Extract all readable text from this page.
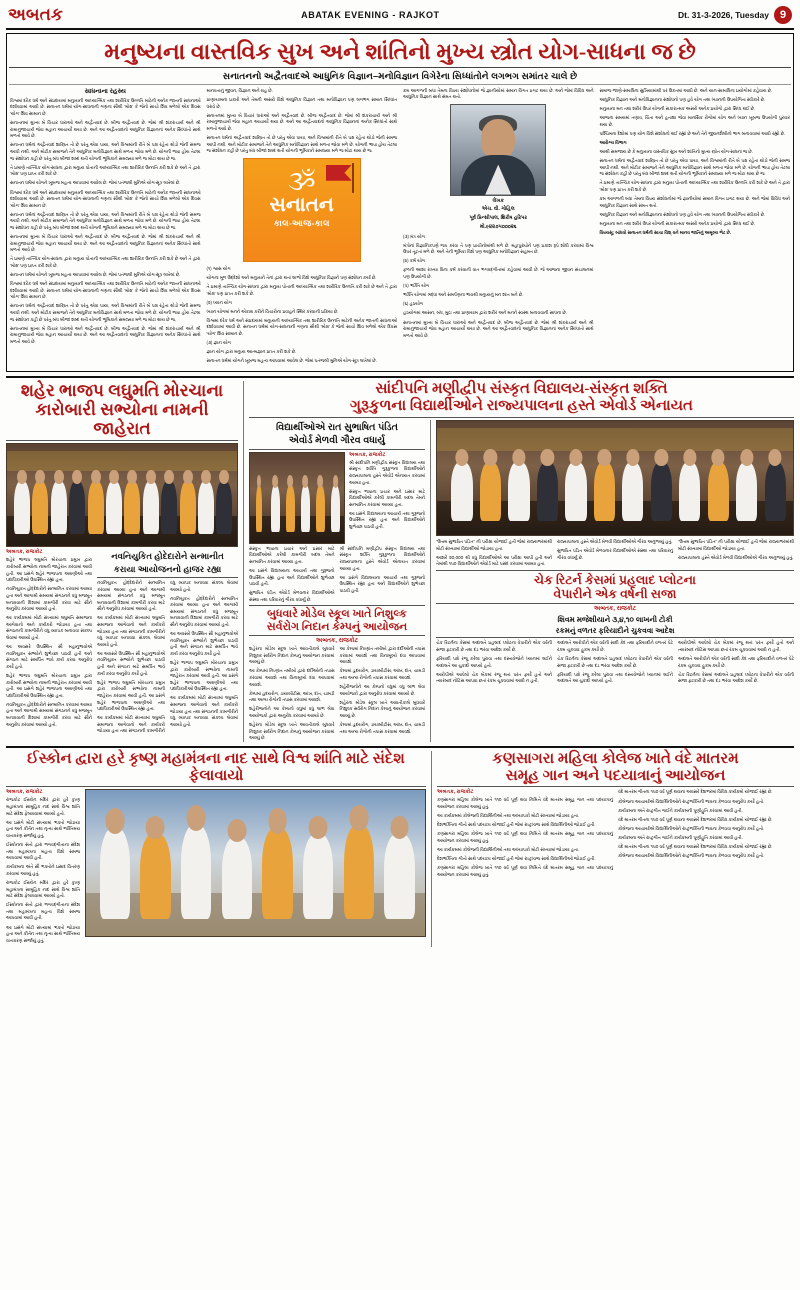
અબતક	ABATAK EVENING - RAJKOT	Dt. 31-3-2026, Tuesday 9
મનુષ્યના વાસ્તવિક સુખ અને શાંતિનો મુખ્ય સ્ત્રોત યોગ-સાધના જ છે
સનાતનનો અદ્વૈતવાદએ આધુનિક વિજ્ઞાન–મનોવિજ્ઞાન વિગેરેના સિધ્ધાંતોને લગભગ સમાંતર ચાલે છે
સાધનાના રહસ્ય

વિશ્વમાં દરેક ધર્મ અને સંપ્રદાયમાં મનુષ્યની આધ્યાત્મિક તથા શારીરિક ઉન્નતિ માટેની અનેક જાતની સાધનાઓ દર્શાવવામાં આવી છે. સનાતન ધર્મમાં યોગ-સાધનાની ગણના સૌથી 'મોક્ષ' કે જેનો સાચો શિવ મળેલો એક દિવસ 'યોગ' શિવ સામાન છે.

સનાતનમાં મુખ્ય બે વિચાર ધારાઓ અને અદ્વૈતવાદ છે. બીજ અદ્વૈતવાદ છે. જેમાં શ્રી શંકરાચાર્ય અને શ્રી રામાનુજાચાર્ય જેવા મહાન આચાર્યો થયા છે. અને આ અદ્વૈતવાદનો આધુનિક વિજ્ઞાનનાં અનેક સિધ્ધાંતો સાથે મળતો આવે છે.

સનાતન ધર્મનાં અદ્વૈતવાદ શાસ્ત્રિત તો છે પરંતુ એવા પાયા, અને વિશ્વમાંની રીતે બે પક્ષ રહેતા થોડો જેની સમજ આપી નથી. અને મોટીક સમાજને તેને આધુનિક મનોવિજ્ઞાન સાથે મળતા જોવા મળે છે. યોગની ભાષા હોય તેટલા જ સંશોધન કહી છે પરંતુ બંધ બીજાં શબ્દ થતી યોગની ભૂમિકાને સમજ્યા મળે જ મોટા થાય છે જ.

તે પ્રમાણે તાત્ત્વિક યોગ-સાધના દ્વારા મનુષ્ય પોતાની આધ્યાત્મિક તથા શારીરિક ઉન્નતિ કરી શકે છે અને તે દ્વારા 'મોક્ષ' પણ પ્રાપ્ત કરી શકે છે.

સનાતન ધર્મમાં યોગને ખૂબજ મહત્વ આપવામાં આવેલ છે. જેમાં પતંજલી મુનિએ યોગ-સૂત્ર લખેલાં છે.

વિશ્વમાં દરેક ધર્મ અને સંપ્રદાયમાં મનુષ્યની આધ્યાત્મિક તથા શારીરિક ઉન્નતિ માટેની અનેક જાતની સાધનાઓ દર્શાવવામાં આવી છે. સનાતન ધર્મમાં યોગ-સાધનાની ગણના સૌથી 'મોક્ષ' કે જેનો સાચો શિવ મળેલો એક દિવસ 'યોગ' શિવ સામાન છે.

સનાતન ધર્મનાં અદ્વૈતવાદ શાસ્ત્રિત તો છે પરંતુ એવા પાયા, અને વિશ્વમાંની રીતે બે પક્ષ રહેતા થોડો જેની સમજ આપી નથી. અને મોટીક સમાજને તેને આધુનિક મનોવિજ્ઞાન સાથે મળતા જોવા મળે છે. યોગની ભાષા હોય તેટલા જ સંશોધન કહી છે પરંતુ બંધ બીજાં શબ્દ થતી યોગની ભૂમિકાને સમજ્યા મળે જ મોટા થાય છે જ.

સનાતનમાં મુખ્ય બે વિચાર ધારાઓ અને અદ્વૈતવાદ છે. બીજ અદ્વૈતવાદ છે. જેમાં શ્રી શંકરાચાર્ય અને શ્રી રામાનુજાચાર્ય જેવા મહાન આચાર્યો થયા છે. અને આ અદ્વૈતવાદનો આધુનિક વિજ્ઞાનનાં અનેક સિધ્ધાંતો સાથે મળતો આવે છે.

તે પ્રમાણે તાત્ત્વિક યોગ-સાધના દ્વારા મનુષ્ય પોતાની આધ્યાત્મિક તથા શારીરિક ઉન્નતિ કરી શકે છે અને તે દ્વારા 'મોક્ષ' પણ પ્રાપ્ત કરી શકે છે.

સનાતન ધર્મમાં યોગને ખૂબજ મહત્વ આપવામાં આવેલ છે. જેમાં પતંજલી મુનિએ યોગ-સૂત્ર લખેલાં છે.

વિશ્વમાં દરેક ધર્મ અને સંપ્રદાયમાં મનુષ્યની આધ્યાત્મિક તથા શારીરિક ઉન્નતિ માટેની અનેક જાતની સાધનાઓ દર્શાવવામાં આવી છે. સનાતન ધર્મમાં યોગ-સાધનાની ગણના સૌથી 'મોક્ષ' કે જેનો સાચો શિવ મળેલો એક દિવસ 'યોગ' શિવ સામાન છે.

સનાતન ધર્મનાં અદ્વૈતવાદ શાસ્ત્રિત તો છે પરંતુ એવા પાયા, અને વિશ્વમાંની રીતે બે પક્ષ રહેતા થોડો જેની સમજ આપી નથી. અને મોટીક સમાજને તેને આધુનિક મનોવિજ્ઞાન સાથે મળતા જોવા મળે છે. યોગની ભાષા હોય તેટલા જ સંશોધન કહી છે પરંતુ બંધ બીજાં શબ્દ થતી યોગની ભૂમિકાને સમજ્યા મળે જ મોટા થાય છે જ.

સનાતનમાં મુખ્ય બે વિચાર ધારાઓ અને અદ્વૈતવાદ છે. બીજ અદ્વૈતવાદ છે. જેમાં શ્રી શંકરાચાર્ય અને શ્રી રામાનુજાચાર્ય જેવા મહાન આચાર્યો થયા છે. અને આ અદ્વૈતવાદનો આધુનિક વિજ્ઞાનનાં અનેક સિધ્ધાંતો સાથે મળતો આવે છે.

માનવતાનું જીવન, વિજ્ઞાન અને ગ્રહ છે.

પ્રાણાયામના પ્રકારો અને તેમની અસરો વિશે આધુનિક વિજ્ઞાન તથા મનોવિજ્ઞાન પણ લગભગ સમાન સિધ્ધાંત ધરાવે છે.

સનાતનમાં મુખ્ય બે વિચાર ધારાઓ અને અદ્વૈતવાદ છે. બીજ અદ્વૈતવાદ છે. જેમાં શ્રી શંકરાચાર્ય અને શ્રી રામાનુજાચાર્ય જેવા મહાન આચાર્યો થયા છે. અને આ અદ્વૈતવાદનો આધુનિક વિજ્ઞાનનાં અનેક સિધ્ધાંતો સાથે મળતો આવે છે.

સનાતન ધર્મનાં અદ્વૈતવાદ શાસ્ત્રિત તો છે પરંતુ એવા પાયા, અને વિશ્વમાંની રીતે બે પક્ષ રહેતા થોડો જેની સમજ આપી નથી. અને મોટીક સમાજને તેને આધુનિક મનોવિજ્ઞાન સાથે મળતા જોવા મળે છે. યોગની ભાષા હોય તેટલા જ સંશોધન કહી છે પરંતુ બંધ બીજાં શબ્દ થતી યોગની ભૂમિકાને સમજ્યા મળે જ મોટા થાય છે જ.

ૐ
સનાતન
કાલ-આજ-કાલ

(૧) શ્વાસ યોગ

યોગના મૂળ ઉદ્દેશો અને મનુષ્યને તેનાં દ્વારા થતાં લાભો વિશે આધુનિક વિજ્ઞાને પણ સંશોધન કર્યાં છે.

તે પ્રમાણે તાત્ત્વિક યોગ-સાધના દ્વારા મનુષ્ય પોતાની આધ્યાત્મિક તથા શારીરિક ઉન્નતિ કરી શકે છે અને તે દ્વારા 'મોક્ષ' પણ પ્રાપ્ત કરી શકે છે.

(૨) ધ્યાન યોગ

ધ્યાન યોગમાં મનને એકાગ્ર કરીને વિચારોના પ્રવાહને સ્થિર કરવાની પ્રક્રિયા છે.

વિશ્વમાં દરેક ધર્મ અને સંપ્રદાયમાં મનુષ્યની આધ્યાત્મિક તથા શારીરિક ઉન્નતિ માટેની અનેક જાતની સાધનાઓ દર્શાવવામાં આવી છે. સનાતન ધર્મમાં યોગ-સાધનાની ગણના સૌથી 'મોક્ષ' કે જેનો સાચો શિવ મળેલો એક દિવસ 'યોગ' શિવ સામાન છે.

(૩) જ્ઞાન યોગ

જ્ઞાન યોગ દ્વારા મનુષ્ય આત્મજ્ઞાન પ્રાપ્ત કરી શકે છે.

સનાતન ધર્મમાં યોગને ખૂબજ મહત્વ આપવામાં આવેલ છે. જેમાં પતંજલી મુનિએ યોગ-સૂત્ર લખેલાં છે.

ક્રમ આગળની બધા તેમના વિષય સંશોધનોમાં જે જ્ઞાનીયોમાં સમાન વિગત પ્રગટ થયા છે. અને જેમાં વિવિધ અને આધુનિક વિજ્ઞાન સાથે સંમત થતો.

લેખક
એચ. વી. ગોહિલ
પૂર્વ પ્રિન્સીપાલ, શિરીષ હરિપર
મો.૯૪૨૭૫૦૦૦૨૬

(૩) મંત્ર યોગ

મંત્રોનાં વિજ્ઞાનિકપણે જપ કરવા તે પણ પ્રાચીનોમાંથી મળે છે. મહાપુરુષોને પણ પ્રકાશ રૂપે શોધી કરવામાં વિશ્વ ઉપર તૂટતાં મળે છે. અને તેની ભૂમિકા વિશે પણ આધુનિક મનોવિજ્ઞાન સહમત છે.

(૪) કર્મ યોગ

ફળની આશા રાખ્યા વિના કર્મ કરવાની વાત ભગવદ્‌ગીતામાં કહેવામાં આવી છે. જે આજના જીવન સંચાલનમાં પણ ઉપયોગી છે.

(૫) ભક્તિ યોગ

ભક્તિ યોગમાં શ્રદ્ધા અને સમર્પણના ભાવથી મનુષ્યનું મન શાંત બને છે.

(૬) હઠયોગ

હઠયોગમાં આસન, બંધ, મુદ્રા તથા પ્રાણાયામ દ્વારા શરીર અને મનને સ્વસ્થ બનાવવાની સાધના છે.

સનાતનમાં મુખ્ય બે વિચાર ધારાઓ અને અદ્વૈતવાદ છે. બીજ અદ્વૈતવાદ છે. જેમાં શ્રી શંકરાચાર્ય અને શ્રી રામાનુજાચાર્ય જેવા મહાન આચાર્યો થયા છે. અને આ અદ્વૈતવાદનો આધુનિક વિજ્ઞાનનાં અનેક સિધ્ધાંતો સાથે મળતો આવે છે.

સમાજ જાણે-સમાધિના સુખિયામાંથી પર ઉકતમાં આવી છે. અને યાન-સામાધિના પ્રયોગોમાં કહેવાય છે.

આધુનિક વિજ્ઞાન અને મનોવિજ્ઞાનના સંશોધનો પણ હવે યોગ તથા ધ્યાનની ઉપયોગિતા સ્વીકારે છે.

મનુષ્યના મન તથા શરીર ઉપર યોગની સકારાત્મક અસરો અનેક પ્રયોગો દ્વારા સિધ્ધ થઈ છે.

આજના સમયમાં તણાવ, ચિંતા અને હતાશા જેવા માનસિક રોગોમાં યોગ અને ધ્યાન ખૂબજ ઉપયોગી પુરવાર થયા છે.

પશ્ચિમના દેશોમાં પણ યોગ વિશે સંશોધનો થઈ રહ્યાં છે અને તેને જીવનશૈલીનો ભાગ બનાવવામાં આવી રહ્યો છે.

આરોગ્ય વિભાગ

આથી સમજાય છે કે મનુષ્યના વાસ્તવિક સુખ અને શાંતિનો મુખ્ય સ્ત્રોત યોગ-સાધના જ છે.

સનાતન ધર્મનાં અદ્વૈતવાદ શાસ્ત્રિત તો છે પરંતુ એવા પાયા, અને વિશ્વમાંની રીતે બે પક્ષ રહેતા થોડો જેની સમજ આપી નથી. અને મોટીક સમાજને તેને આધુનિક મનોવિજ્ઞાન સાથે મળતા જોવા મળે છે. યોગની ભાષા હોય તેટલા જ સંશોધન કહી છે પરંતુ બંધ બીજાં શબ્દ થતી યોગની ભૂમિકાને સમજ્યા મળે જ મોટા થાય છે જ.

તે પ્રમાણે તાત્ત્વિક યોગ-સાધના દ્વારા મનુષ્ય પોતાની આધ્યાત્મિક તથા શારીરિક ઉન્નતિ કરી શકે છે અને તે દ્વારા 'મોક્ષ' પણ પ્રાપ્ત કરી શકે છે.

ક્રમ આગળની બધા તેમના વિષય સંશોધનોમાં જે જ્ઞાનીયોમાં સમાન વિગત પ્રગટ થયા છે. અને જેમાં વિવિધ અને આધુનિક વિજ્ઞાન સાથે સંમત થતો.

આધુનિક વિજ્ઞાન અને મનોવિજ્ઞાનના સંશોધનો પણ હવે યોગ તથા ધ્યાનની ઉપયોગિતા સ્વીકારે છે.

મનુષ્યના મન તથા શરીર ઉપર યોગની સકારાત્મક અસરો અનેક પ્રયોગો દ્વારા સિધ્ધ થઈ છે.

વિષયસૂ: બાંધવો સનાતન ધર્મની સાચા વિશ્ વને માનવ જાતિનું અમૂલ્ય ભેટ છે.

શહેર ભાજપ લઘુમતિ મોરચાના
કારોબારી સભ્યોના નામની જાહેરાત
અબતક, રાજકોટ

શહેર ભાજપ લઘુમતિ મોરચાના પ્રમુખ દ્વારા કારોબારી સભ્યોના નામની જાહેરાત કરવામાં આવી હતી. આ પ્રસંગે શહેર ભાજપના અગ્રણીઓ તથા પદાધિકારીઓ ઉપસ્થિત રહ્યા હતા.

નવનિયુકત હોદ્દેદારોને સન્માનિત કરવામાં આવ્યા હતા અને આગામી સમયમાં સંગઠનને વધુ મજબૂત બનાવવાની દિશામાં કામગીરી કરવા માટે સૌને અનુરોધ કરવામાં આવ્યો હતો.

આ કાર્યક્રમમાં મોટી સંખ્યામાં લઘુમતિ સમાજના આગેવાનો અને કાર્યકરો જોડાયા હતા તથા સંગઠનની કામગીરીને વધુ વ્યાપક બનાવવા સંકલ્પ લેવામાં આવ્યો હતો.

આ અવસરે ઉપસ્થિત સૌ મહાનુભાવોએ નવનિયુક્ત સભ્યોને શુભેચ્છા પાઠવી હતી અને સંગઠન માટે સમર્પિત ભાવે કાર્ય કરવા અનુરોધ કર્યો હતો.

શહેર ભાજપ લઘુમતિ મોરચાના પ્રમુખ દ્વારા કારોબારી સભ્યોના નામની જાહેરાત કરવામાં આવી હતી. આ પ્રસંગે શહેર ભાજપના અગ્રણીઓ તથા પદાધિકારીઓ ઉપસ્થિત રહ્યા હતા.

નવનિયુકત હોદ્દેદારોને સન્માનિત કરવામાં આવ્યા હતા અને આગામી સમયમાં સંગઠનને વધુ મજબૂત બનાવવાની દિશામાં કામગીરી કરવા માટે સૌને અનુરોધ કરવામાં આવ્યો હતો.

નવનિયુકિત હોદેદારોને સન્માનીત
કરાયા આયોજનનો હાજર રહ્યા

નવનિયુકત હોદ્દેદારોને સન્માનિત કરવામાં આવ્યા હતા અને આગામી સમયમાં સંગઠનને વધુ મજબૂત બનાવવાની દિશામાં કામગીરી કરવા માટે સૌને અનુરોધ કરવામાં આવ્યો હતો.

આ કાર્યક્રમમાં મોટી સંખ્યામાં લઘુમતિ સમાજના આગેવાનો અને કાર્યકરો જોડાયા હતા તથા સંગઠનની કામગીરીને વધુ વ્યાપક બનાવવા સંકલ્પ લેવામાં આવ્યો હતો.

આ અવસરે ઉપસ્થિત સૌ મહાનુભાવોએ નવનિયુક્ત સભ્યોને શુભેચ્છા પાઠવી હતી અને સંગઠન માટે સમર્પિત ભાવે કાર્ય કરવા અનુરોધ કર્યો હતો.

શહેર ભાજપ લઘુમતિ મોરચાના પ્રમુખ દ્વારા કારોબારી સભ્યોના નામની જાહેરાત કરવામાં આવી હતી. આ પ્રસંગે શહેર ભાજપના અગ્રણીઓ તથા પદાધિકારીઓ ઉપસ્થિત રહ્યા હતા.

આ કાર્યક્રમમાં મોટી સંખ્યામાં લઘુમતિ સમાજના આગેવાનો અને કાર્યકરો જોડાયા હતા તથા સંગઠનની કામગીરીને વધુ વ્યાપક બનાવવા સંકલ્પ લેવામાં આવ્યો હતો.

નવનિયુકત હોદ્દેદારોને સન્માનિત કરવામાં આવ્યા હતા અને આગામી સમયમાં સંગઠનને વધુ મજબૂત બનાવવાની દિશામાં કામગીરી કરવા માટે સૌને અનુરોધ કરવામાં આવ્યો હતો.

આ અવસરે ઉપસ્થિત સૌ મહાનુભાવોએ નવનિયુક્ત સભ્યોને શુભેચ્છા પાઠવી હતી અને સંગઠન માટે સમર્પિત ભાવે કાર્ય કરવા અનુરોધ કર્યો હતો.

શહેર ભાજપ લઘુમતિ મોરચાના પ્રમુખ દ્વારા કારોબારી સભ્યોના નામની જાહેરાત કરવામાં આવી હતી. આ પ્રસંગે શહેર ભાજપના અગ્રણીઓ તથા પદાધિકારીઓ ઉપસ્થિત રહ્યા હતા.

આ કાર્યક્રમમાં મોટી સંખ્યામાં લઘુમતિ સમાજના આગેવાનો અને કાર્યકરો જોડાયા હતા તથા સંગઠનની કામગીરીને વધુ વ્યાપક બનાવવા સંકલ્પ લેવામાં આવ્યો હતો.

સાંદીપનિ મણીદ્વીપ સંસ્કૃત વિદ્યાલય-સંસ્કૃત શક્તિ
ગુરૂકુળના વિદ્યાર્થીઓને રાજ્યપાલના હસ્તે એવોર્ડ એનાયત
વિદ્યાર્થીઓએ રાત સુભાષિત પંડિત
એવોર્ડ મેળવી ગૌરવ વધાર્યુ
અબતક, રાજકોટ

શ્રી સાંદીપનિ મણીદ્વીપ સંસ્કૃત વિદ્યાલય તથા સંસ્કૃત શક્તિ ગુરૂકુળના વિદ્યાર્થીઓને રાજ્યપાલના હસ્તે એવોર્ડ એનાયત કરવામાં આવ્યા હતા.

સંસ્કૃત ભાષાના પ્રચાર અને પ્રસાર માટે વિદ્યાર્થીઓએ કરેલી કામગીરી બદલ તેમને સન્માનિત કરવામાં આવ્યા હતા.

આ પ્રસંગે વિદ્યાલયના આચાર્ય તથા ગુરૂજનો ઉપસ્થિત રહ્યા હતા અને વિદ્યાર્થીઓને શુભેચ્છા પાઠવી હતી.

સંસ્કૃત ભાષાના પ્રચાર અને પ્રસાર માટે વિદ્યાર્થીઓએ કરેલી કામગીરી બદલ તેમને સન્માનિત કરવામાં આવ્યા હતા.

આ પ્રસંગે વિદ્યાલયના આચાર્ય તથા ગુરૂજનો ઉપસ્થિત રહ્યા હતા અને વિદ્યાર્થીઓને શુભેચ્છા પાઠવી હતી.

સુભાષિત પંડિત એવોર્ડ મેળવનાર વિદ્યાર્થીઓએ સંસ્થા તથા પરિવારનું ગૌરવ વધાર્યું છે.

શ્રી સાંદીપનિ મણીદ્વીપ સંસ્કૃત વિદ્યાલય તથા સંસ્કૃત શક્તિ ગુરૂકુળના વિદ્યાર્થીઓને રાજ્યપાલના હસ્તે એવોર્ડ એનાયત કરવામાં આવ્યા હતા.

આ પ્રસંગે વિદ્યાલયના આચાર્ય તથા ગુરૂજનો ઉપસ્થિત રહ્યા હતા અને વિદ્યાર્થીઓને શુભેચ્છા પાઠવી હતી.

બુધવારે મોડેલ સ્કૂલ ખાતે નિશુલ્ક
સર્વરોગ નિદાન કેમ્પનું આયોજન
અબતક, રાજકોટ

શહેરના મોડેલ સ્કૂલ ખાતે આવતીકાલે બુધવારે નિશુલ્ક સર્વરોગ નિદાન કેમ્પનું આયોજન કરવામાં આવ્યું છે.

આ કેમ્પમાં નિષ્ણાંત તબીબો દ્વારા દર્દીઓની તપાસ કરવામાં આવશે તથા વિનામૂલ્યે દવા આપવામાં આવશે.

કેમ્પમાં હૃદયરોગ, ડાયાબીટીસ, આંખ, દાંત, ચામડી તથા અન્ય રોગોની તપાસ કરવામાં આવશે.

શહેરીજનોને આ કેમ્પનો વધુમાં વધુ લાભ લેવા આયોજકો દ્વારા અનુરોધ કરવામાં આવ્યો છે.

શહેરના મોડેલ સ્કૂલ ખાતે આવતીકાલે બુધવારે નિશુલ્ક સર્વરોગ નિદાન કેમ્પનું આયોજન કરવામાં આવ્યું છે.

આ કેમ્પમાં નિષ્ણાંત તબીબો દ્વારા દર્દીઓની તપાસ કરવામાં આવશે તથા વિનામૂલ્યે દવા આપવામાં આવશે.

કેમ્પમાં હૃદયરોગ, ડાયાબીટીસ, આંખ, દાંત, ચામડી તથા અન્ય રોગોની તપાસ કરવામાં આવશે.

શહેરીજનોને આ કેમ્પનો વધુમાં વધુ લાભ લેવા આયોજકો દ્વારા અનુરોધ કરવામાં આવ્યો છે.

શહેરના મોડેલ સ્કૂલ ખાતે આવતીકાલે બુધવારે નિશુલ્ક સર્વરોગ નિદાન કેમ્પનું આયોજન કરવામાં આવ્યું છે.

કેમ્પમાં હૃદયરોગ, ડાયાબીટીસ, આંખ, દાંત, ચામડી તથા અન્ય રોગોની તપાસ કરવામાં આવશે.

"ઉત્તમ સુભાષિત પંડિત" ની પરીક્ષા યોજાઈ હતી જેમાં રાજ્યભરમાંથી મોટી સંખ્યામાં વિદ્યાર્થીઓ જોડાયા હતા.

આશરે ૨૦,૦૦૦ થી વધુ વિદ્યાર્થીઓએ આ પરીક્ષા આપી હતી અને તેમાંથી ૧૫૦ વિદ્યાર્થીઓને એવોર્ડ માટે પસંદ કરવામાં આવ્યા હતા.

રાજ્યપાલના હસ્તે એવોર્ડ મેળવી વિદ્યાર્થીઓએ ગૌરવ અનુભવ્યું હતું.

સુભાષિત પંડિત એવોર્ડ મેળવનાર વિદ્યાર્થીઓએ સંસ્થા તથા પરિવારનું ગૌરવ વધાર્યું છે.

"ઉત્તમ સુભાષિત પંડિત" ની પરીક્ષા યોજાઈ હતી જેમાં રાજ્યભરમાંથી મોટી સંખ્યામાં વિદ્યાર્થીઓ જોડાયા હતા.

રાજ્યપાલના હસ્તે એવોર્ડ મેળવી વિદ્યાર્થીઓએ ગૌરવ અનુભવ્યું હતું.

ચેક રિટર્ન કેસમાં પ્રહલાદ પ્લોટના
વેપારીને એક વર્ષની સજા
અબતક, રાજકોટ
શિવમ મજેશીયાને ૩,૪,૧૦ લાખની ટોકી
રકમનું વળતર ફરિયાદીને ચુકવવા આદેશ

ચેક રિટર્નના કેસમાં અદાલતે પ્રહલાદ પ્લોટના વેપારીને એક વર્ષની સજા ફટકારી છે તથા દંડ ભરવા આદેશ કર્યો છે.

ફરિયાદી પક્ષે રજૂ કરેલા પુરાવા તથા દસ્તાવેજોને ધ્યાનમાં લઈને અદાલતે આ ચુકાદો આપ્યો હતો.

આરોપીએ આપેલો ચેક બેંકમાં રજૂ થતાં પરત ફર્યો હતો અને ત્યારબાદ નોટિસ આપવા છતાં રકમ ચૂકવવામાં આવી ન હતી.

અદાલતે આરોપીને એક વર્ષની સાદી કેદ તથા ફરિયાદીને વળતર પેટે રકમ ચૂકવવા હુકમ કર્યો છે.

ચેક રિટર્નના કેસમાં અદાલતે પ્રહલાદ પ્લોટના વેપારીને એક વર્ષની સજા ફટકારી છે તથા દંડ ભરવા આદેશ કર્યો છે.

ફરિયાદી પક્ષે રજૂ કરેલા પુરાવા તથા દસ્તાવેજોને ધ્યાનમાં લઈને અદાલતે આ ચુકાદો આપ્યો હતો.

આરોપીએ આપેલો ચેક બેંકમાં રજૂ થતાં પરત ફર્યો હતો અને ત્યારબાદ નોટિસ આપવા છતાં રકમ ચૂકવવામાં આવી ન હતી.

અદાલતે આરોપીને એક વર્ષની સાદી કેદ તથા ફરિયાદીને વળતર પેટે રકમ ચૂકવવા હુકમ કર્યો છે.

ચેક રિટર્નના કેસમાં અદાલતે પ્રહલાદ પ્લોટના વેપારીને એક વર્ષની સજા ફટકારી છે તથા દંડ ભરવા આદેશ કર્યો છે.

ઈસ્કોન દ્વારા હરે કૃષ્ણ મહામંત્રના નાદ સાથે વિશ્વ શાંતિ માટે સંદેશ ફેલાવાયો
અબતક, રાજકોટ

રાજકોટ ઈસ્કોન મંદિર દ્વારા હરે કૃષ્ણ મહામંત્રના સામૂહિક નાદ સાથે વિશ્વ શાંતિ માટે સંદેશ ફેલાવવામાં આવ્યો હતો.

આ પ્રસંગે મોટી સંખ્યામાં ભક્તો જોડાયા હતા અને કીર્તન તથા નૃત્ય સાથે ભક્તિમય વાતાવરણ સર્જાયું હતું.

ઈસ્કોનના સંતો દ્વારા ભગવદ્‌ગીતાના સંદેશ તથા મહામંત્રના મહત્વ વિશે સમજ આપવામાં આવી હતી.

કાર્યક્રમના અંતે સૌ ભક્તોને પ્રસાદ વિતરણ કરવામાં આવ્યું હતું.

રાજકોટ ઈસ્કોન મંદિર દ્વારા હરે કૃષ્ણ મહામંત્રના સામૂહિક નાદ સાથે વિશ્વ શાંતિ માટે સંદેશ ફેલાવવામાં આવ્યો હતો.

ઈસ્કોનના સંતો દ્વારા ભગવદ્‌ગીતાના સંદેશ તથા મહામંત્રના મહત્વ વિશે સમજ આપવામાં આવી હતી.

આ પ્રસંગે મોટી સંખ્યામાં ભક્તો જોડાયા હતા અને કીર્તન તથા નૃત્ય સાથે ભક્તિમય વાતાવરણ સર્જાયું હતું.

કણસાગરા મહિલા કોલેજ ખાતે વંદે માતરમ
સમૂહ ગાન અને પદયાત્રાનું આયોજન
અબતક, રાજકોટ

કણસાગરા મહિલા કોલેજ ખાતે ૧૧૦ વર્ષ પૂર્ણ થવા નિમિત્તે વંદે માતરમ સમૂહ ગાન તથા પદયાત્રાનું આયોજન કરવામાં આવ્યું હતું.

આ કાર્યક્રમમાં કોલેજની વિદ્યાર્થિનીઓ તથા અધ્યાપકો મોટી સંખ્યામાં જોડાયા હતા.

દેશભક્તિના ગીતો સાથે પદયાત્રા યોજાઈ હતી જેમાં રાષ્ટ્રધ્વજ સાથે વિદ્યાર્થિનીઓ જોડાઈ હતી.

કણસાગરા મહિલા કોલેજ ખાતે ૧૧૦ વર્ષ પૂર્ણ થવા નિમિત્તે વંદે માતરમ સમૂહ ગાન તથા પદયાત્રાનું આયોજન કરવામાં આવ્યું હતું.

આ કાર્યક્રમમાં કોલેજની વિદ્યાર્થિનીઓ તથા અધ્યાપકો મોટી સંખ્યામાં જોડાયા હતા.

દેશભક્તિના ગીતો સાથે પદયાત્રા યોજાઈ હતી જેમાં રાષ્ટ્રધ્વજ સાથે વિદ્યાર્થિનીઓ જોડાઈ હતી.

કણસાગરા મહિલા કોલેજ ખાતે ૧૧૦ વર્ષ પૂર્ણ થવા નિમિત્તે વંદે માતરમ સમૂહ ગાન તથા પદયાત્રાનું આયોજન કરવામાં આવ્યું હતું.

વંદે માતરમ ગીતના ૧૫૦ વર્ષ પૂર્ણ થવાના અવસરે દેશભરમાં વિવિધ કાર્યક્રમો યોજાઈ રહ્યા છે.

કોલેજના આચાર્યાએ વિદ્યાર્થિનીઓને રાષ્ટ્રભક્તિની ભાવના કેળવવા અનુરોધ કર્યો હતો.

કાર્યક્રમના અંતે રાષ્ટ્રગીત ગાઈને કાર્યક્રમની પૂર્ણાહુતિ કરવામાં આવી હતી.

વંદે માતરમ ગીતના ૧૫૦ વર્ષ પૂર્ણ થવાના અવસરે દેશભરમાં વિવિધ કાર્યક્રમો યોજાઈ રહ્યા છે.

કોલેજના આચાર્યાએ વિદ્યાર્થિનીઓને રાષ્ટ્રભક્તિની ભાવના કેળવવા અનુરોધ કર્યો હતો.

કાર્યક્રમના અંતે રાષ્ટ્રગીત ગાઈને કાર્યક્રમની પૂર્ણાહુતિ કરવામાં આવી હતી.

વંદે માતરમ ગીતના ૧૫૦ વર્ષ પૂર્ણ થવાના અવસરે દેશભરમાં વિવિધ કાર્યક્રમો યોજાઈ રહ્યા છે.

કોલેજના આચાર્યાએ વિદ્યાર્થિનીઓને રાષ્ટ્રભક્તિની ભાવના કેળવવા અનુરોધ કર્યો હતો.
